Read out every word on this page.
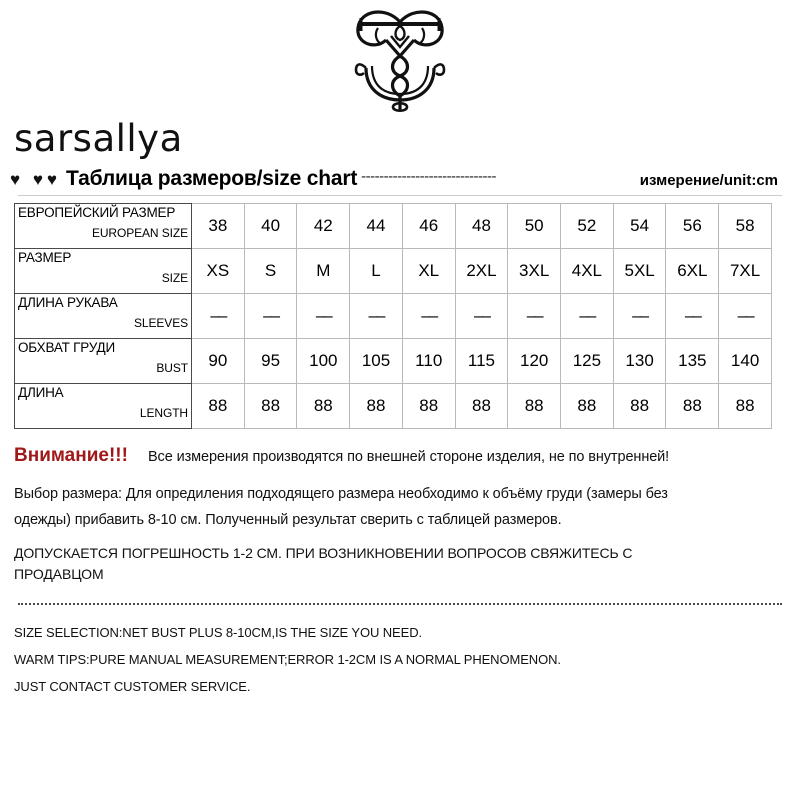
sarsallya
♥ ♥♥ Таблица размеров/size chart ------------------------------	измерение/unit:cm
ЕВРОПЕЙСКИЙ РАЗМЕР
EUROPEAN SIZE	38	40	42	44	46	48	50	52	54	56	58

РАЗМЕР
SIZE	XS	S	M	L	XL	2XL	3XL	4XL	5XL	6XL	7XL

ДЛИНА РУКАВА
SLEEVES	––	––	––	––	––	––	––	––	––	––	––

ОБХВАТ ГРУДИ
BUST	90	95	100	105	110	115	120	125	130	135	140

ДЛИНА
LENGTH	88	88	88	88	88	88	88	88	88	88	88
Внимание!!! Все измерения производятся по внешней стороне изделия, не по внутренней!
Выбор размера: Для опредиления подходящего размера необходимо к объёму груди (замеры без одежды) прибавить 8-10 см. Полученный результат сверить с таблицей размеров.
ДОПУСКАЕТСЯ ПОГРЕШНОСТЬ 1-2 СМ. ПРИ ВОЗНИКНОВЕНИИ ВОПРОСОВ СВЯЖИТЕСЬ С ПРОДАВЦОМ
SIZE SELECTION:NET BUST PLUS 8-10CM,IS THE SIZE YOU NEED.
WARM TIPS:PURE MANUAL MEASUREMENT;ERROR 1-2CM IS A NORMAL PHENOMENON.
JUST CONTACT CUSTOMER SERVICE.
